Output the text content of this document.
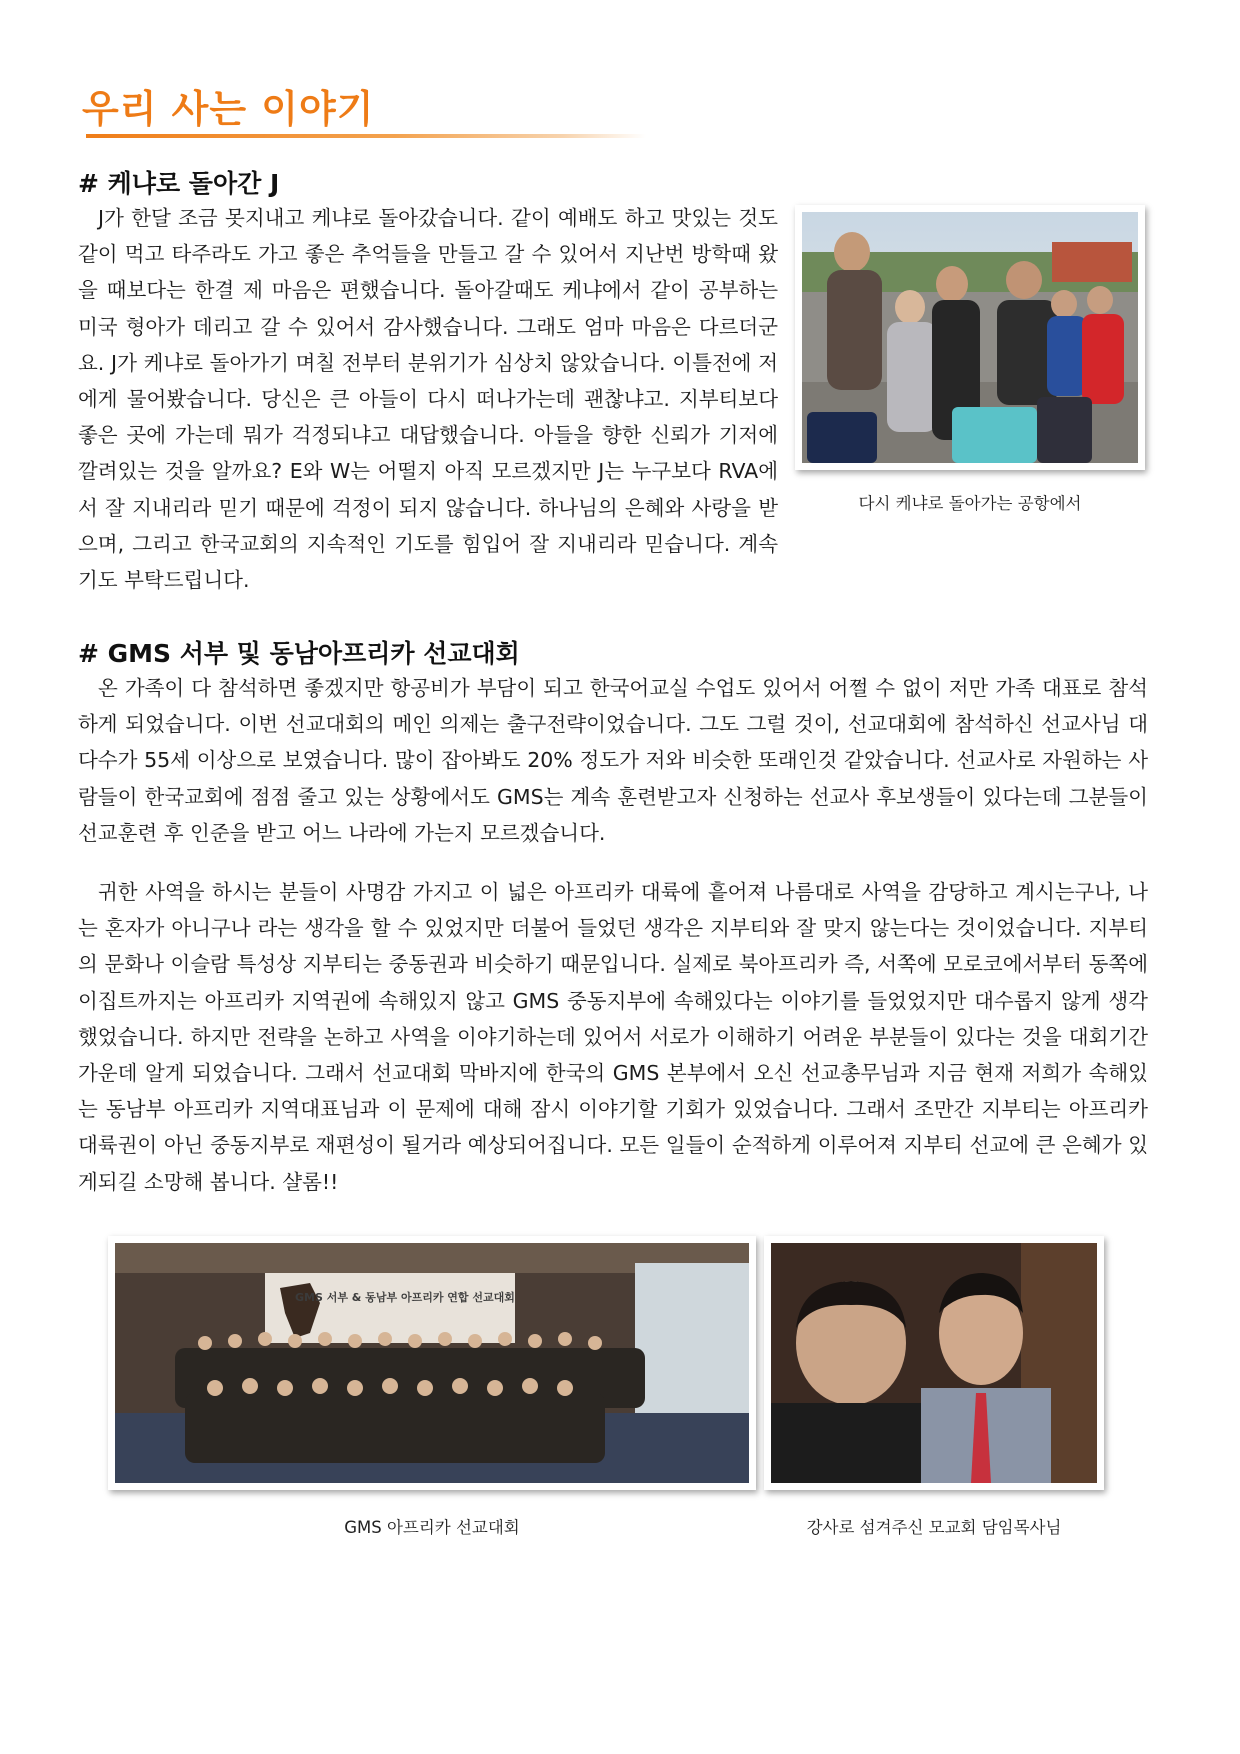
우리 사는 이야기
# 케냐로 돌아간 J

J가 한달 조금 못지내고 케냐로 돌아갔습니다. 같이 예배도 하고 맛있는 것도 같이 먹고 타주라도 가고 좋은 추억들을 만들고 갈 수 있어서 지난번 방학때 왔을 때보다는 한결 제 마음은 편했습니다. 돌아갈때도 케냐에서 같이 공부하는 미국 형아가 데리고 갈 수 있어서 감사했습니다. 그래도 엄마 마음은 다르더군요. J가 케냐로 돌아가기 며칠 전부터 분위기가 심상치 않았습니다. 이틀전에 저에게 물어봤습니다. 당신은 큰 아들이 다시 떠나가는데 괜찮냐고. 지부티보다 좋은 곳에 가는데 뭐가 걱정되냐고 대답했습니다. 아들을 향한 신뢰가 기저에 깔려있는 것을 알까요? E와 W는 어떨지 아직 모르겠지만 J는 누구보다 RVA에서 잘 지내리라 믿기 때문에 걱정이 되지 않습니다. 하나님의 은혜와 사랑을 받으며, 그리고 한국교회의 지속적인 기도를 힘입어 잘 지내리라 믿습니다. 계속 기도 부탁드립니다.

다시 케냐로 돌아가는 공항에서

# GMS 서부 및 동남아프리카 선교대회

온 가족이 다 참석하면 좋겠지만 항공비가 부담이 되고 한국어교실 수업도 있어서 어쩔 수 없이 저만 가족 대표로 참석하게 되었습니다. 이번 선교대회의 메인 의제는 출구전략이었습니다. 그도 그럴 것이, 선교대회에 참석하신 선교사님 대다수가 55세 이상으로 보였습니다. 많이 잡아봐도 20% 정도가 저와 비슷한 또래인것 같았습니다. 선교사로 자원하는 사람들이 한국교회에 점점 줄고 있는 상황에서도 GMS는 계속 훈련받고자 신청하는 선교사 후보생들이 있다는데 그분들이 선교훈련 후 인준을 받고 어느 나라에 가는지 모르겠습니다.

귀한 사역을 하시는 분들이 사명감 가지고 이 넓은 아프리카 대륙에 흩어져 나름대로 사역을 감당하고 계시는구나, 나는 혼자가 아니구나 라는 생각을 할 수 있었지만 더불어 들었던 생각은 지부티와 잘 맞지 않는다는 것이었습니다. 지부티의 문화나 이슬람 특성상 지부티는 중동권과 비슷하기 때문입니다. 실제로 북아프리카 즉, 서쪽에 모로코에서부터 동쪽에 이집트까지는 아프리카 지역권에 속해있지 않고 GMS 중동지부에 속해있다는 이야기를 들었었지만 대수롭지 않게 생각했었습니다. 하지만 전략을 논하고 사역을 이야기하는데 있어서 서로가 이해하기 어려운 부분들이 있다는 것을 대회기간 가운데 알게 되었습니다. 그래서 선교대회 막바지에 한국의 GMS 본부에서 오신 선교총무님과 지금 현재 저희가 속해있는 동남부 아프리카 지역대표님과 이 문제에 대해 잠시 이야기할 기회가 있었습니다. 그래서 조만간 지부티는 아프리카 대륙권이 아닌 중동지부로 재편성이 될거라 예상되어집니다. 모든 일들이 순적하게 이루어져 지부티 선교에 큰 은혜가 있게되길 소망해 봅니다. 샬롬!!

GMS 서부 & 동남부 아프리카 연합 선교대회

GMS 아프리카 선교대회	강사로 섬겨주신 모교회 담임목사님
